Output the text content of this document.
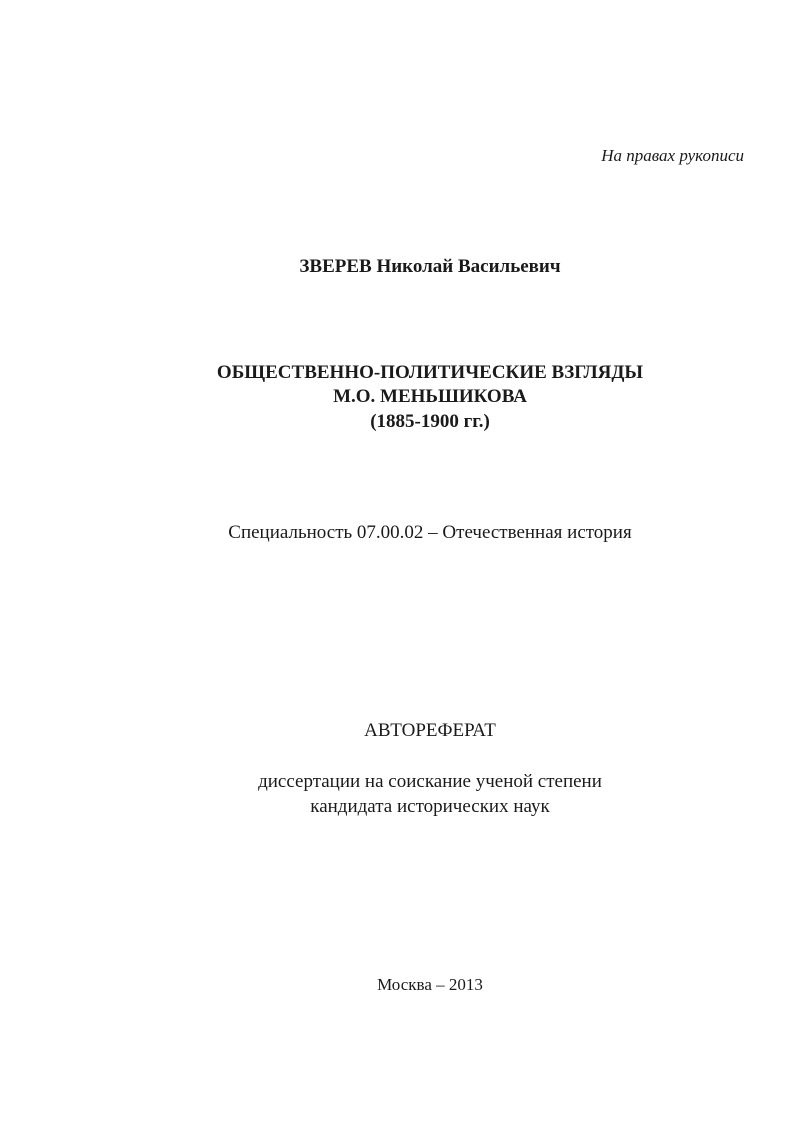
На правах рукописи
ЗВЕРЕВ Николай Васильевич
ОБЩЕСТВЕННО-ПОЛИТИЧЕСКИЕ ВЗГЛЯДЫ
М.О. МЕНЬШИКОВА
(1885-1900 гг.)
Специальность 07.00.02 – Отечественная история
АВТОРЕФЕРАТ
диссертации на соискание ученой степени
кандидата исторических наук
Москва – 2013
